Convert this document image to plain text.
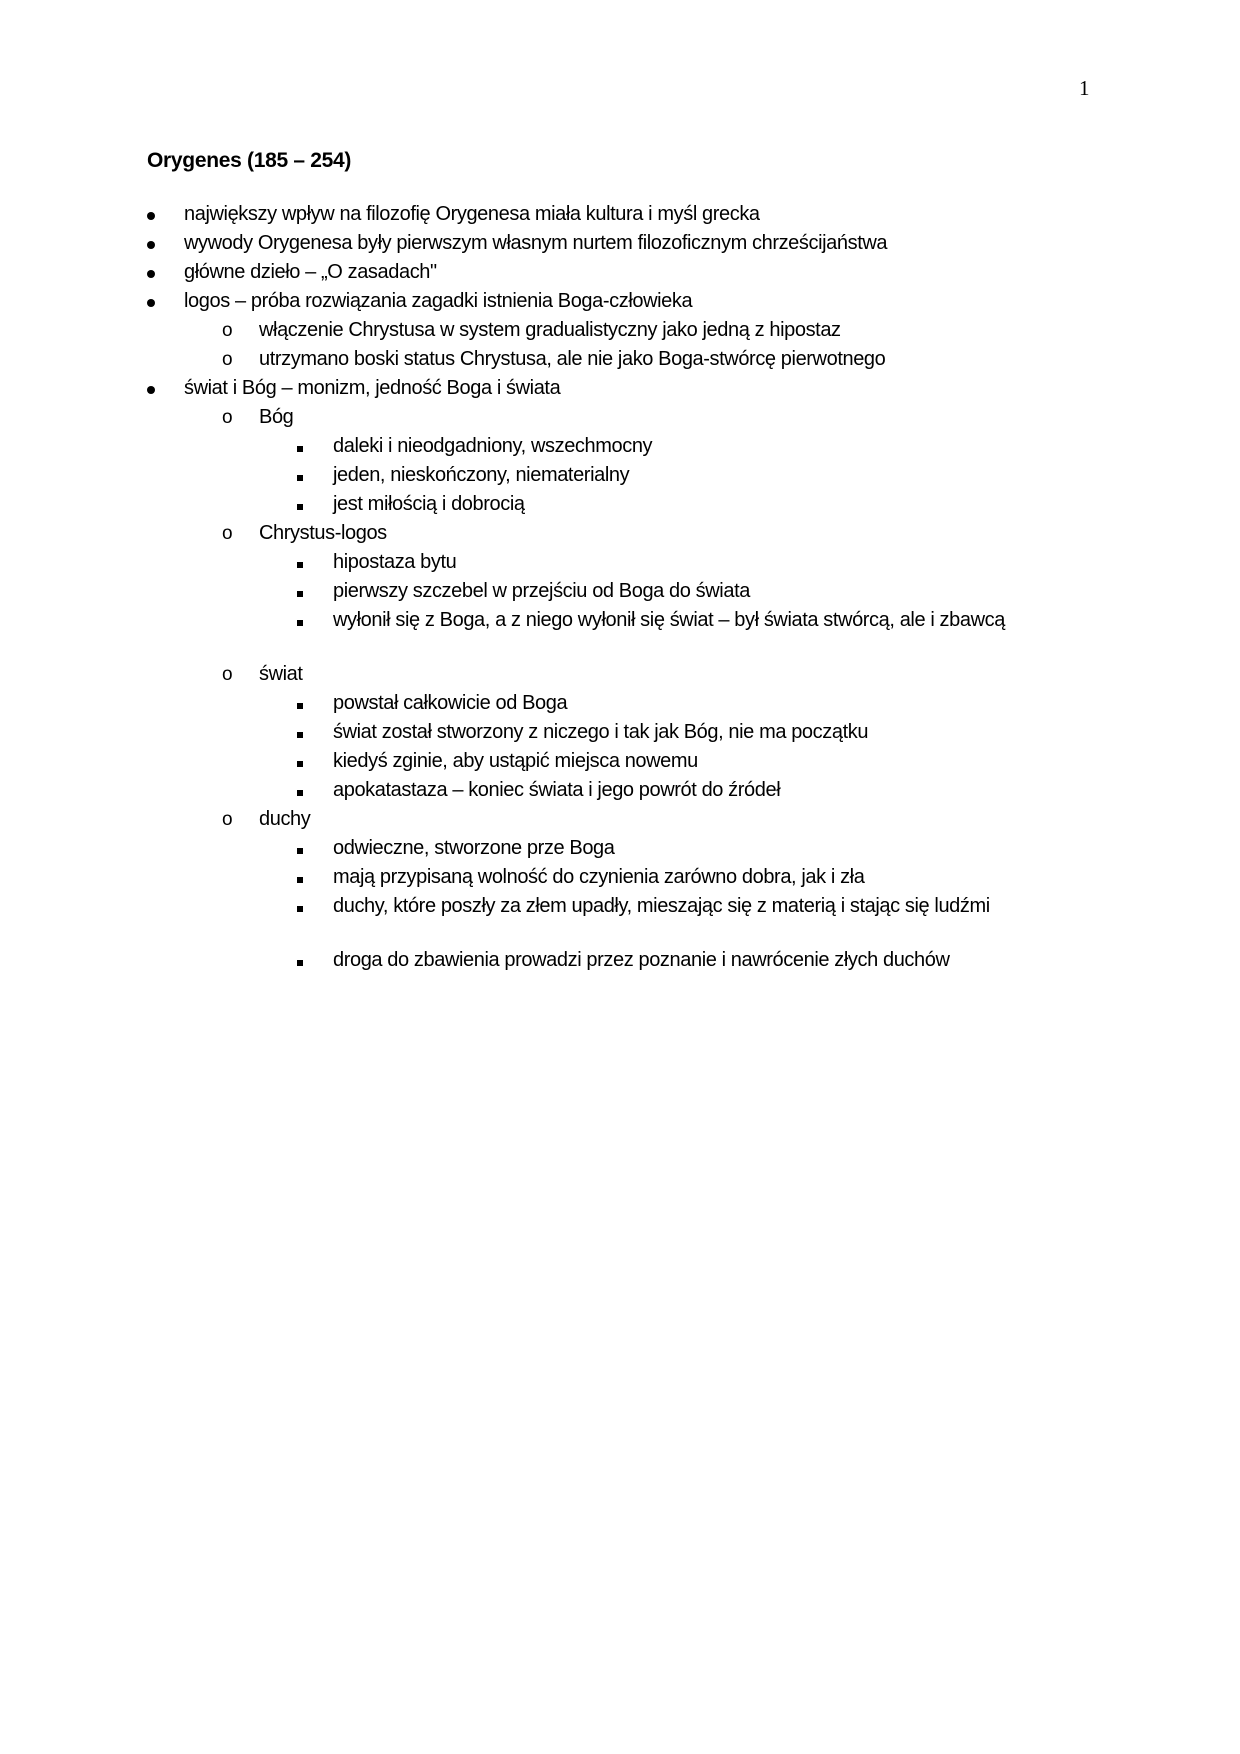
1
Orygenes (185 – 254)
największy wpływ na filozofię Orygenesa miała kultura i myśl grecka
wywody Orygenesa były pierwszym własnym nurtem filozoficznym chrześcijaństwa
główne dzieło – „O zasadach"
logos – próba rozwiązania zagadki istnienia Boga-człowieka
o włączenie Chrystusa w system gradualistyczny jako jedną z hipostaz
o utrzymano boski status Chrystusa, ale nie jako Boga-stwórcę pierwotnego
świat i Bóg – monizm, jedność Boga i świata
o Bóg
daleki i nieodgadniony, wszechmocny
jeden, nieskończony, niematerialny
jest miłością i dobrocią
o Chrystus-logos
hipostaza bytu
pierwszy szczebel w przejściu od Boga do świata
wyłonił się z Boga, a z niego wyłonił się świat – był świata stwórcą, ale i zbawcą
o świat
powstał całkowicie od Boga
świat został stworzony z niczego i tak jak Bóg, nie ma początku
kiedyś zginie, aby ustąpić miejsca nowemu
apokatastaza – koniec świata i jego powrót do źródeł
o duchy
odwieczne, stworzone prze Boga
mają przypisaną wolność do czynienia zarówno dobra, jak i zła
duchy, które poszły za złem upadły, mieszając się z materią i stając się ludźmi
droga do zbawienia prowadzi przez poznanie i nawrócenie złych duchów
